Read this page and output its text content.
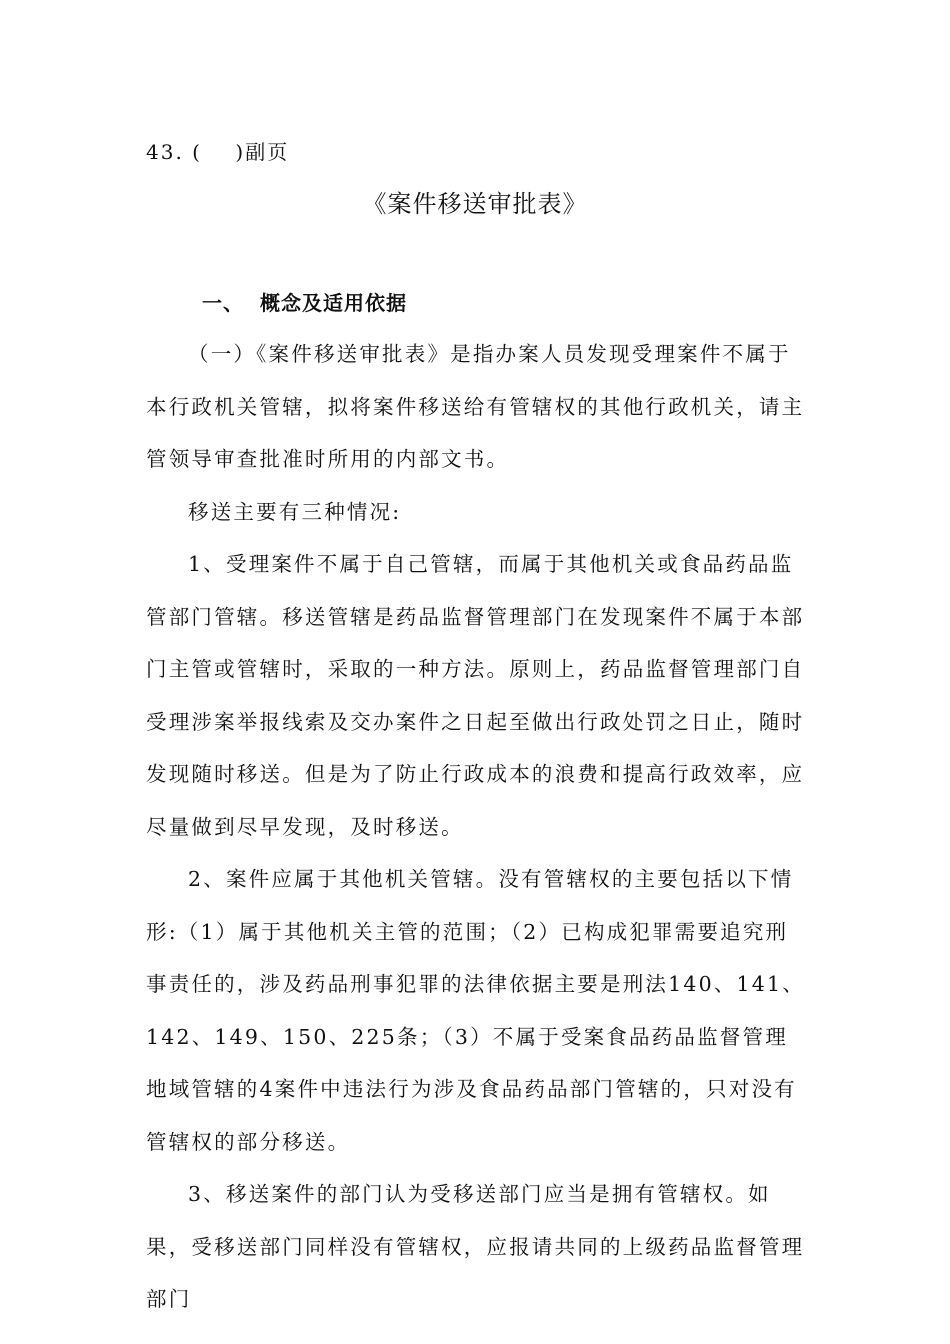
43. (    )副页
《案件移送审批表》
一、 概念及适用依据

（一）《案件移送审批表》是指办案人员发现受理案件不属于本行政机关管辖，拟将案件移送给有管辖权的其他行政机关，请主管领导审查批准时所用的内部文书。

移送主要有三种情况:

1、受理案件不属于自己管辖，而属于其他机关或食品药品监管部门管辖。移送管辖是药品监督管理部门在发现案件不属于本部门主管或管辖时，采取的一种方法。原则上，药品监督管理部门自受理涉案举报线索及交办案件之日起至做出行政处罚之日止，随时发现随时移送。但是为了防止行政成本的浪费和提高行政效率，应尽量做到尽早发现，及时移送。

2、案件应属于其他机关管辖。没有管辖权的主要包括以下情形:（1）属于其他机关主管的范围；（2）已构成犯罪需要追究刑事责任的，涉及药品刑事犯罪的法律依据主要是刑法140、141、142、149、150、225条；（3）不属于受案食品药品监督管理地域管辖的4案件中违法行为涉及食品药品部门管辖的，只对没有管辖权的部分移送。

3、移送案件的部门认为受移送部门应当是拥有管辖权。如果，受移送部门同样没有管辖权，应报请共同的上级药品监督管理部门
